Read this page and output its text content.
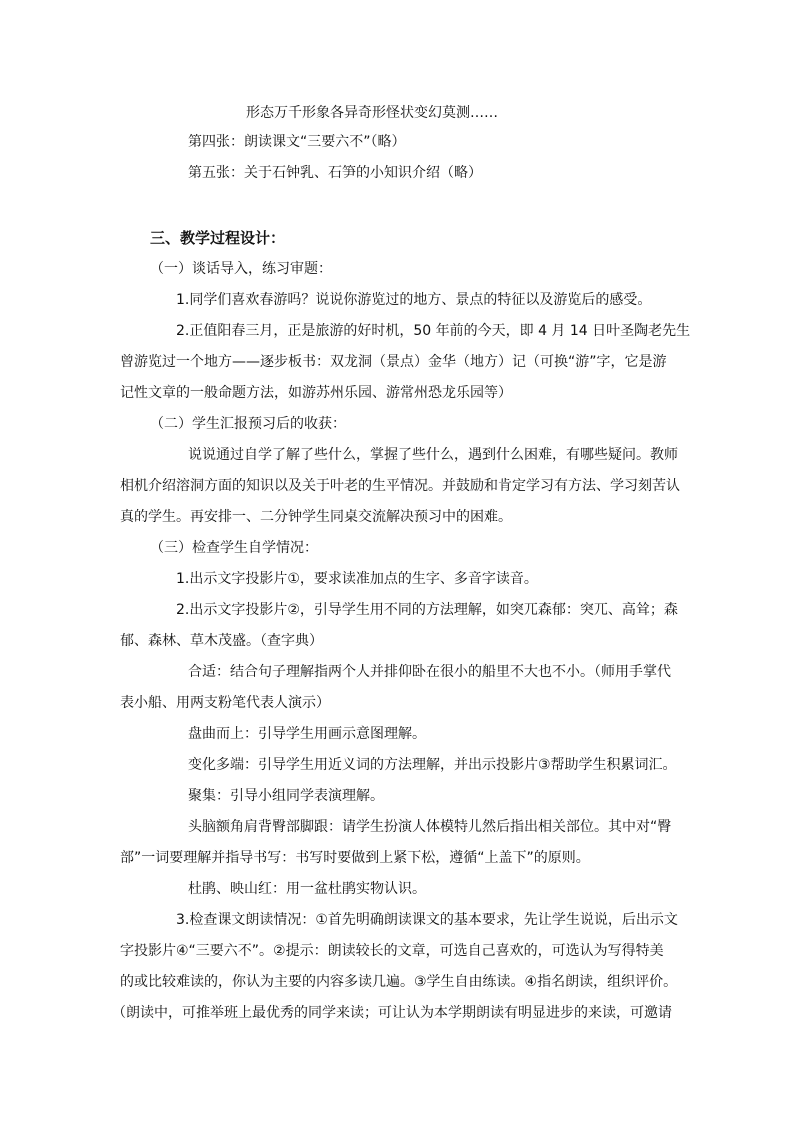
形态万千形象各异奇形怪状变幻莫测……
第四张：朗读课文“三要六不”（略）
第五张：关于石钟乳、石笋的小知识介绍（略）
三、教学过程设计：
（一）谈话导入，练习审题：
1.同学们喜欢春游吗？说说你游览过的地方、景点的特征以及游览后的感受。
2.正值阳春三月，正是旅游的好时机，50 年前的今天，即 4 月 14 日叶圣陶老先生
曾游览过一个地方——逐步板书：双龙洞（景点）金华（地方）记（可换“游”字，它是游
记性文章的一般命题方法，如游苏州乐园、游常州恐龙乐园等）
（二）学生汇报预习后的收获：
说说通过自学了解了些什么，掌握了些什么，遇到什么困难，有哪些疑问。教师
相机介绍溶洞方面的知识以及关于叶老的生平情况。并鼓励和肯定学习有方法、学习刻苦认
真的学生。再安排一、二分钟学生同桌交流解决预习中的困难。
（三）检查学生自学情况：
1.出示文字投影片①，要求读准加点的生字、多音字读音。
2.出示文字投影片②，引导学生用不同的方法理解，如突兀森郁：突兀、高耸；森
郁、森林、草木茂盛。（查字典）
合适：结合句子理解指两个人并排仰卧在很小的船里不大也不小。（师用手掌代
表小船、用两支粉笔代表人演示）
盘曲而上：引导学生用画示意图理解。
变化多端：引导学生用近义词的方法理解，并出示投影片③帮助学生积累词汇。
聚集：引导小组同学表演理解。
头脑额角肩背臀部脚跟：请学生扮演人体模特儿然后指出相关部位。其中对“臀
部”一词要理解并指导书写：书写时要做到上紧下松，遵循“上盖下”的原则。
杜鹃、映山红：用一盆杜鹃实物认识。
3.检查课文朗读情况：①首先明确朗读课文的基本要求，先让学生说说，后出示文
字投影片④“三要六不”。②提示：朗读较长的文章，可选自己喜欢的，可选认为写得特美
的或比较难读的，你认为主要的内容多读几遍。③学生自由练读。④指名朗读，组织评价。
（朗读中，可推举班上最优秀的同学来读；可让认为本学期朗读有明显进步的来读，可邀请
